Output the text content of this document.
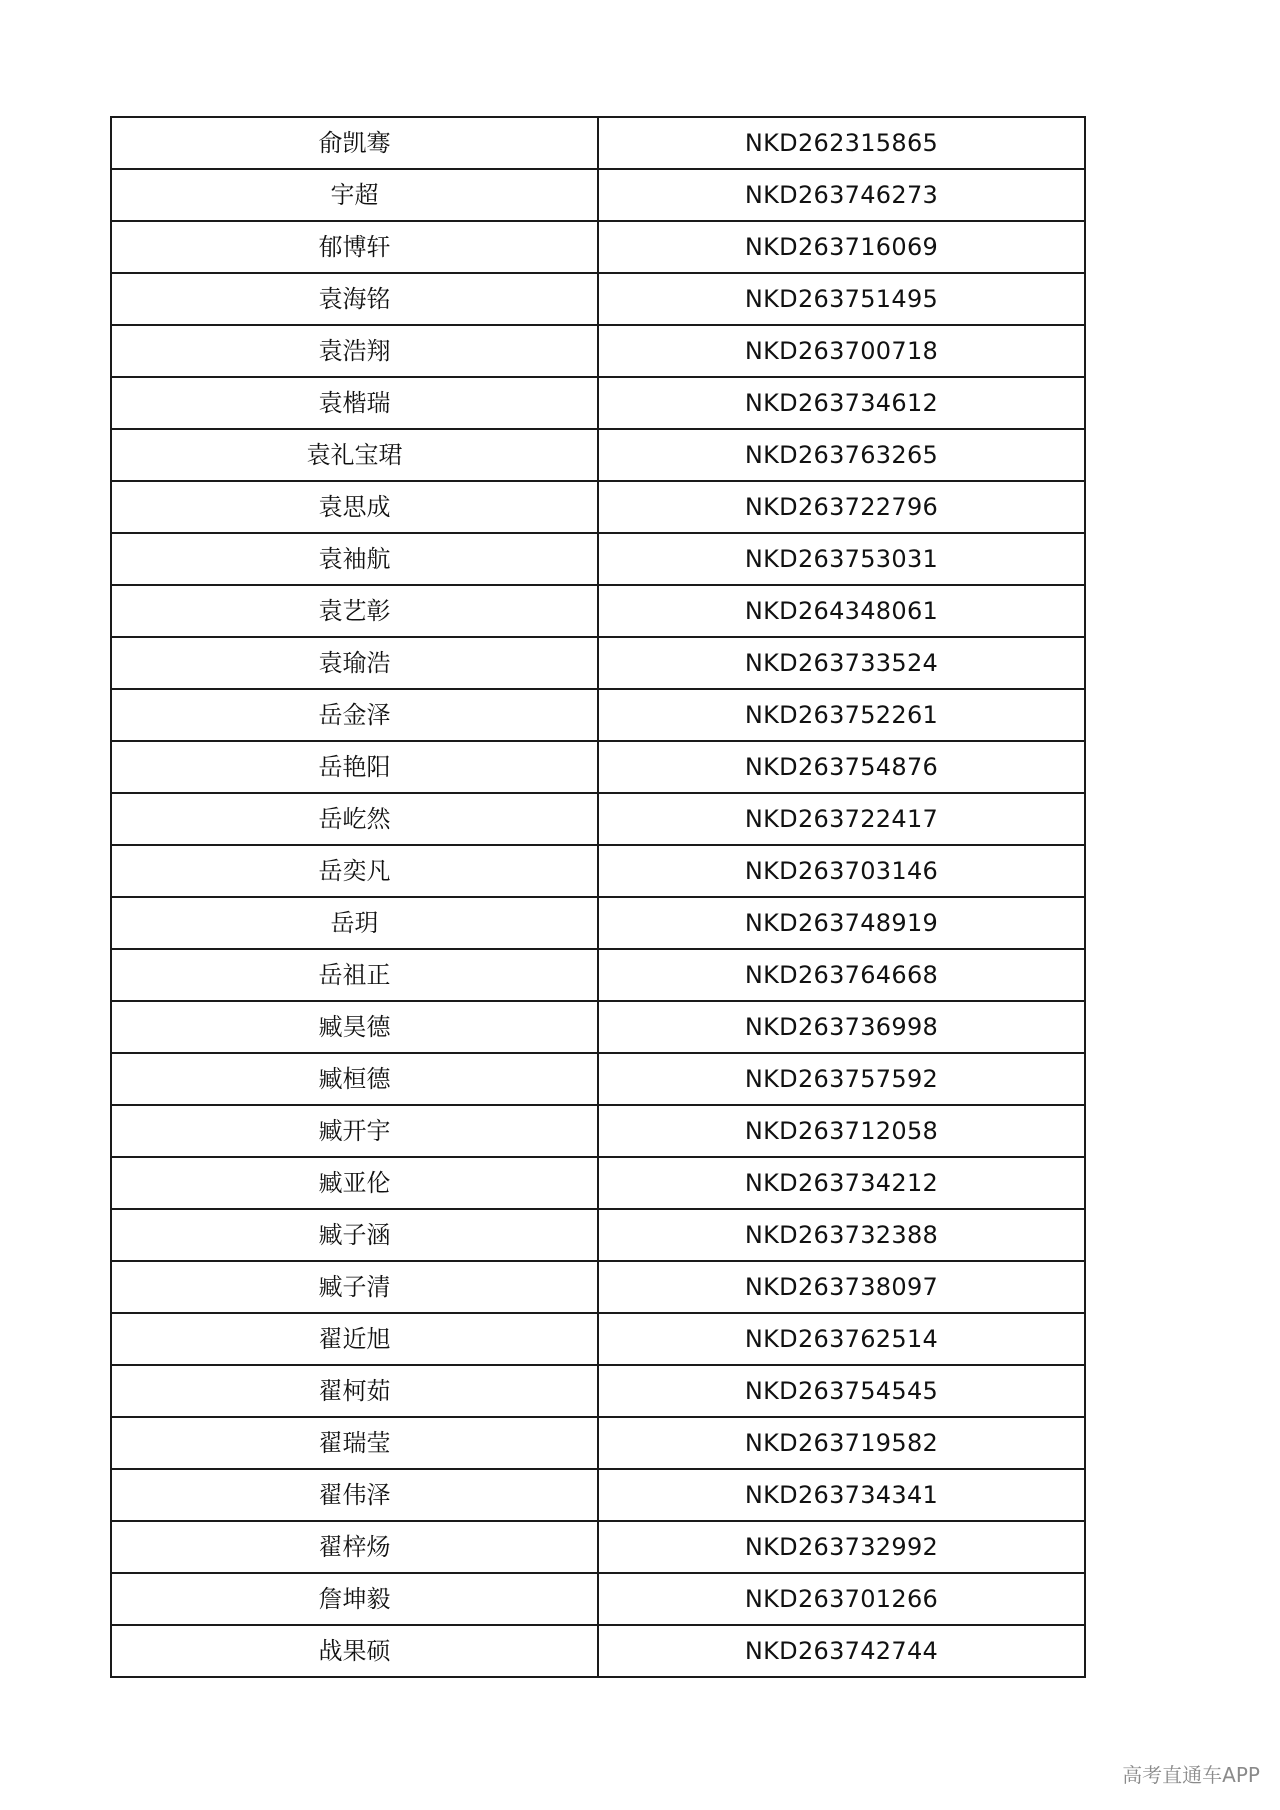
俞凯骞	NKD262315865
宇超	NKD263746273
郁博轩	NKD263716069
袁海铭	NKD263751495
袁浩翔	NKD263700718
袁楷瑞	NKD263734612
袁礼宝珺	NKD263763265
袁思成	NKD263722796
袁袖航	NKD263753031
袁艺彰	NKD264348061
袁瑜浩	NKD263733524
岳金泽	NKD263752261
岳艳阳	NKD263754876
岳屹然	NKD263722417
岳奕凡	NKD263703146
岳玥	NKD263748919
岳祖正	NKD263764668
臧昊德	NKD263736998
臧桓德	NKD263757592
臧开宇	NKD263712058
臧亚伦	NKD263734212
臧子涵	NKD263732388
臧子清	NKD263738097
翟近旭	NKD263762514
翟柯茹	NKD263754545
翟瑞莹	NKD263719582
翟伟泽	NKD263734341
翟梓炀	NKD263732992
詹坤毅	NKD263701266
战果硕	NKD263742744
高考直通车APP
